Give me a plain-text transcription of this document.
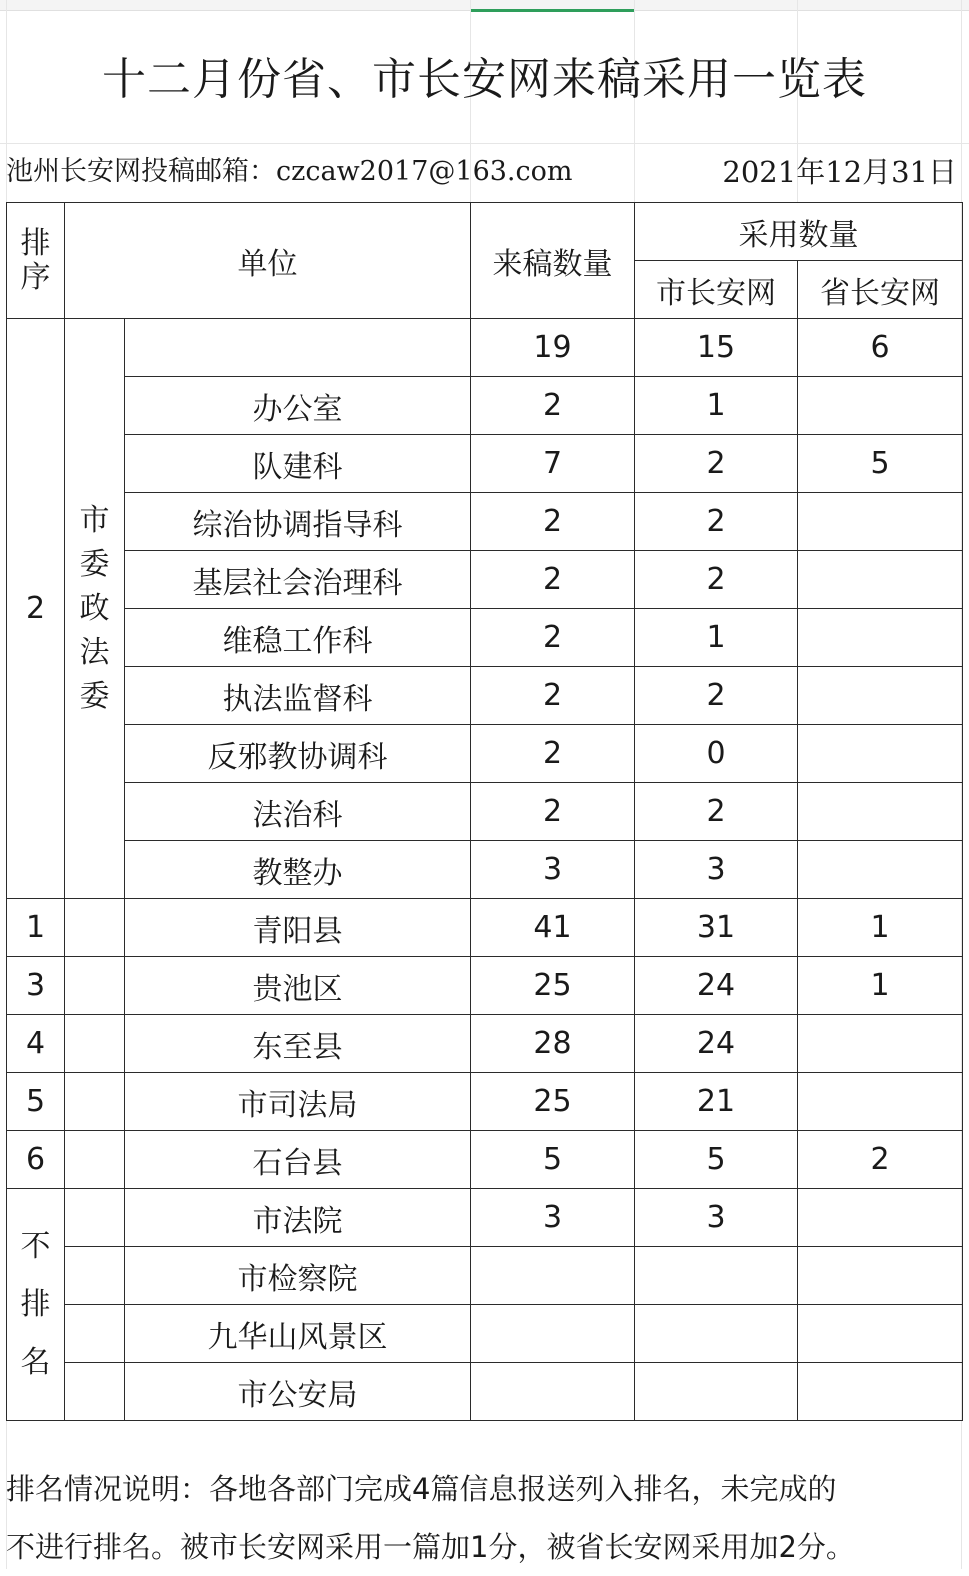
十二月份省、市长安网来稿采用一览表
池州长安网投稿邮箱：czcaw2017@163.com	2021年12月31日
排序	单位		来稿数量	采用数量	
				市长安网	省长安网
2	市委政法委		19	15	6
		办公室	2	1	
		队建科	7	2	5
		综治协调指导科	2	2	
		基层社会治理科	2	2	
		维稳工作科	2	1	
		执法监督科	2	2	
		反邪教协调科	2	0	
		法治科	2	2	
		教整办	3	3	
1		青阳县	41	31	1
3		贵池区	25	24	1
4		东至县	28	24	
5		市司法局	25	21	
6		石台县	5	5	2
不排名		市法院	3	3	
		市检察院			
		九华山风景区			
		市公安局			
排名情况说明：各地各部门完成4篇信息报送列入排名，未完成的
不进行排名。被市长安网采用一篇加1分，被省长安网采用加2分。
